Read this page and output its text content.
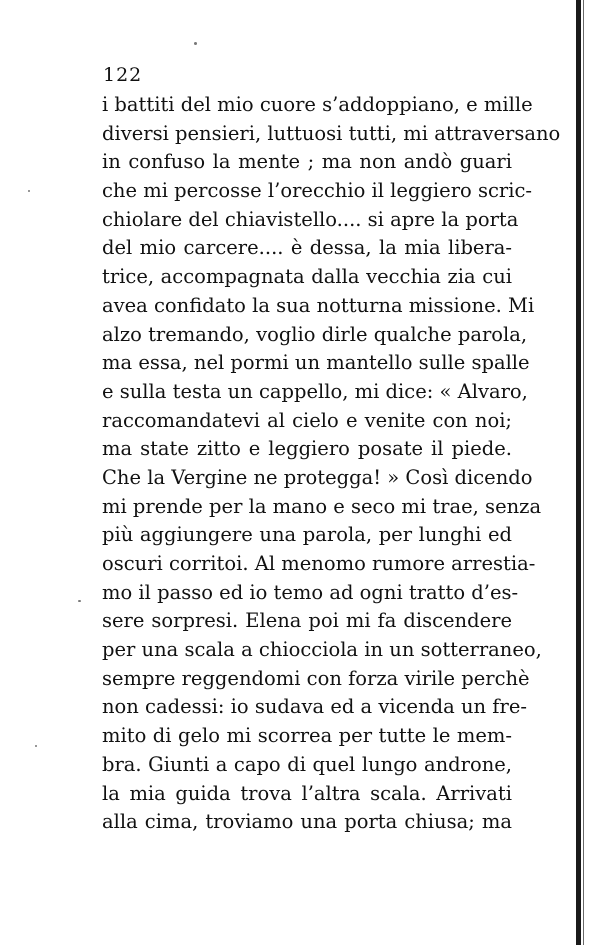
122
i battiti del mio cuore s’addoppiano, e mille
diversi pensieri, luttuosi tutti, mi attraversano
in confuso la mente ; ma non andò guari
che mi percosse l’orecchio il leggiero scric-
chiolare del chiavistello.... si apre la porta
del mio carcere.... è dessa, la mia libera-
trice, accompagnata dalla vecchia zia cui
avea confidato la sua notturna missione. Mi
alzo tremando, voglio dirle qualche parola,
ma essa, nel pormi un mantello sulle spalle
e sulla testa un cappello, mi dice: « Alvaro,
raccomandatevi al cielo e venite con noi;
ma state zitto e leggiero posate il piede.
Che la Vergine ne protegga! » Così dicendo
mi prende per la mano e seco mi trae, senza
più aggiungere una parola, per lunghi ed
oscuri corritoi. Al menomo rumore arrestia-
mo il passo ed io temo ad ogni tratto d’es-
sere sorpresi. Elena poi mi fa discendere
per una scala a chiocciola in un sotterraneo,
sempre reggendomi con forza virile perchè
non cadessi: io sudava ed a vicenda un fre-
mito di gelo mi scorrea per tutte le mem-
bra. Giunti a capo di quel lungo androne,
la mia guida trova l’altra scala. Arrivati
alla cima, troviamo una porta chiusa; ma
